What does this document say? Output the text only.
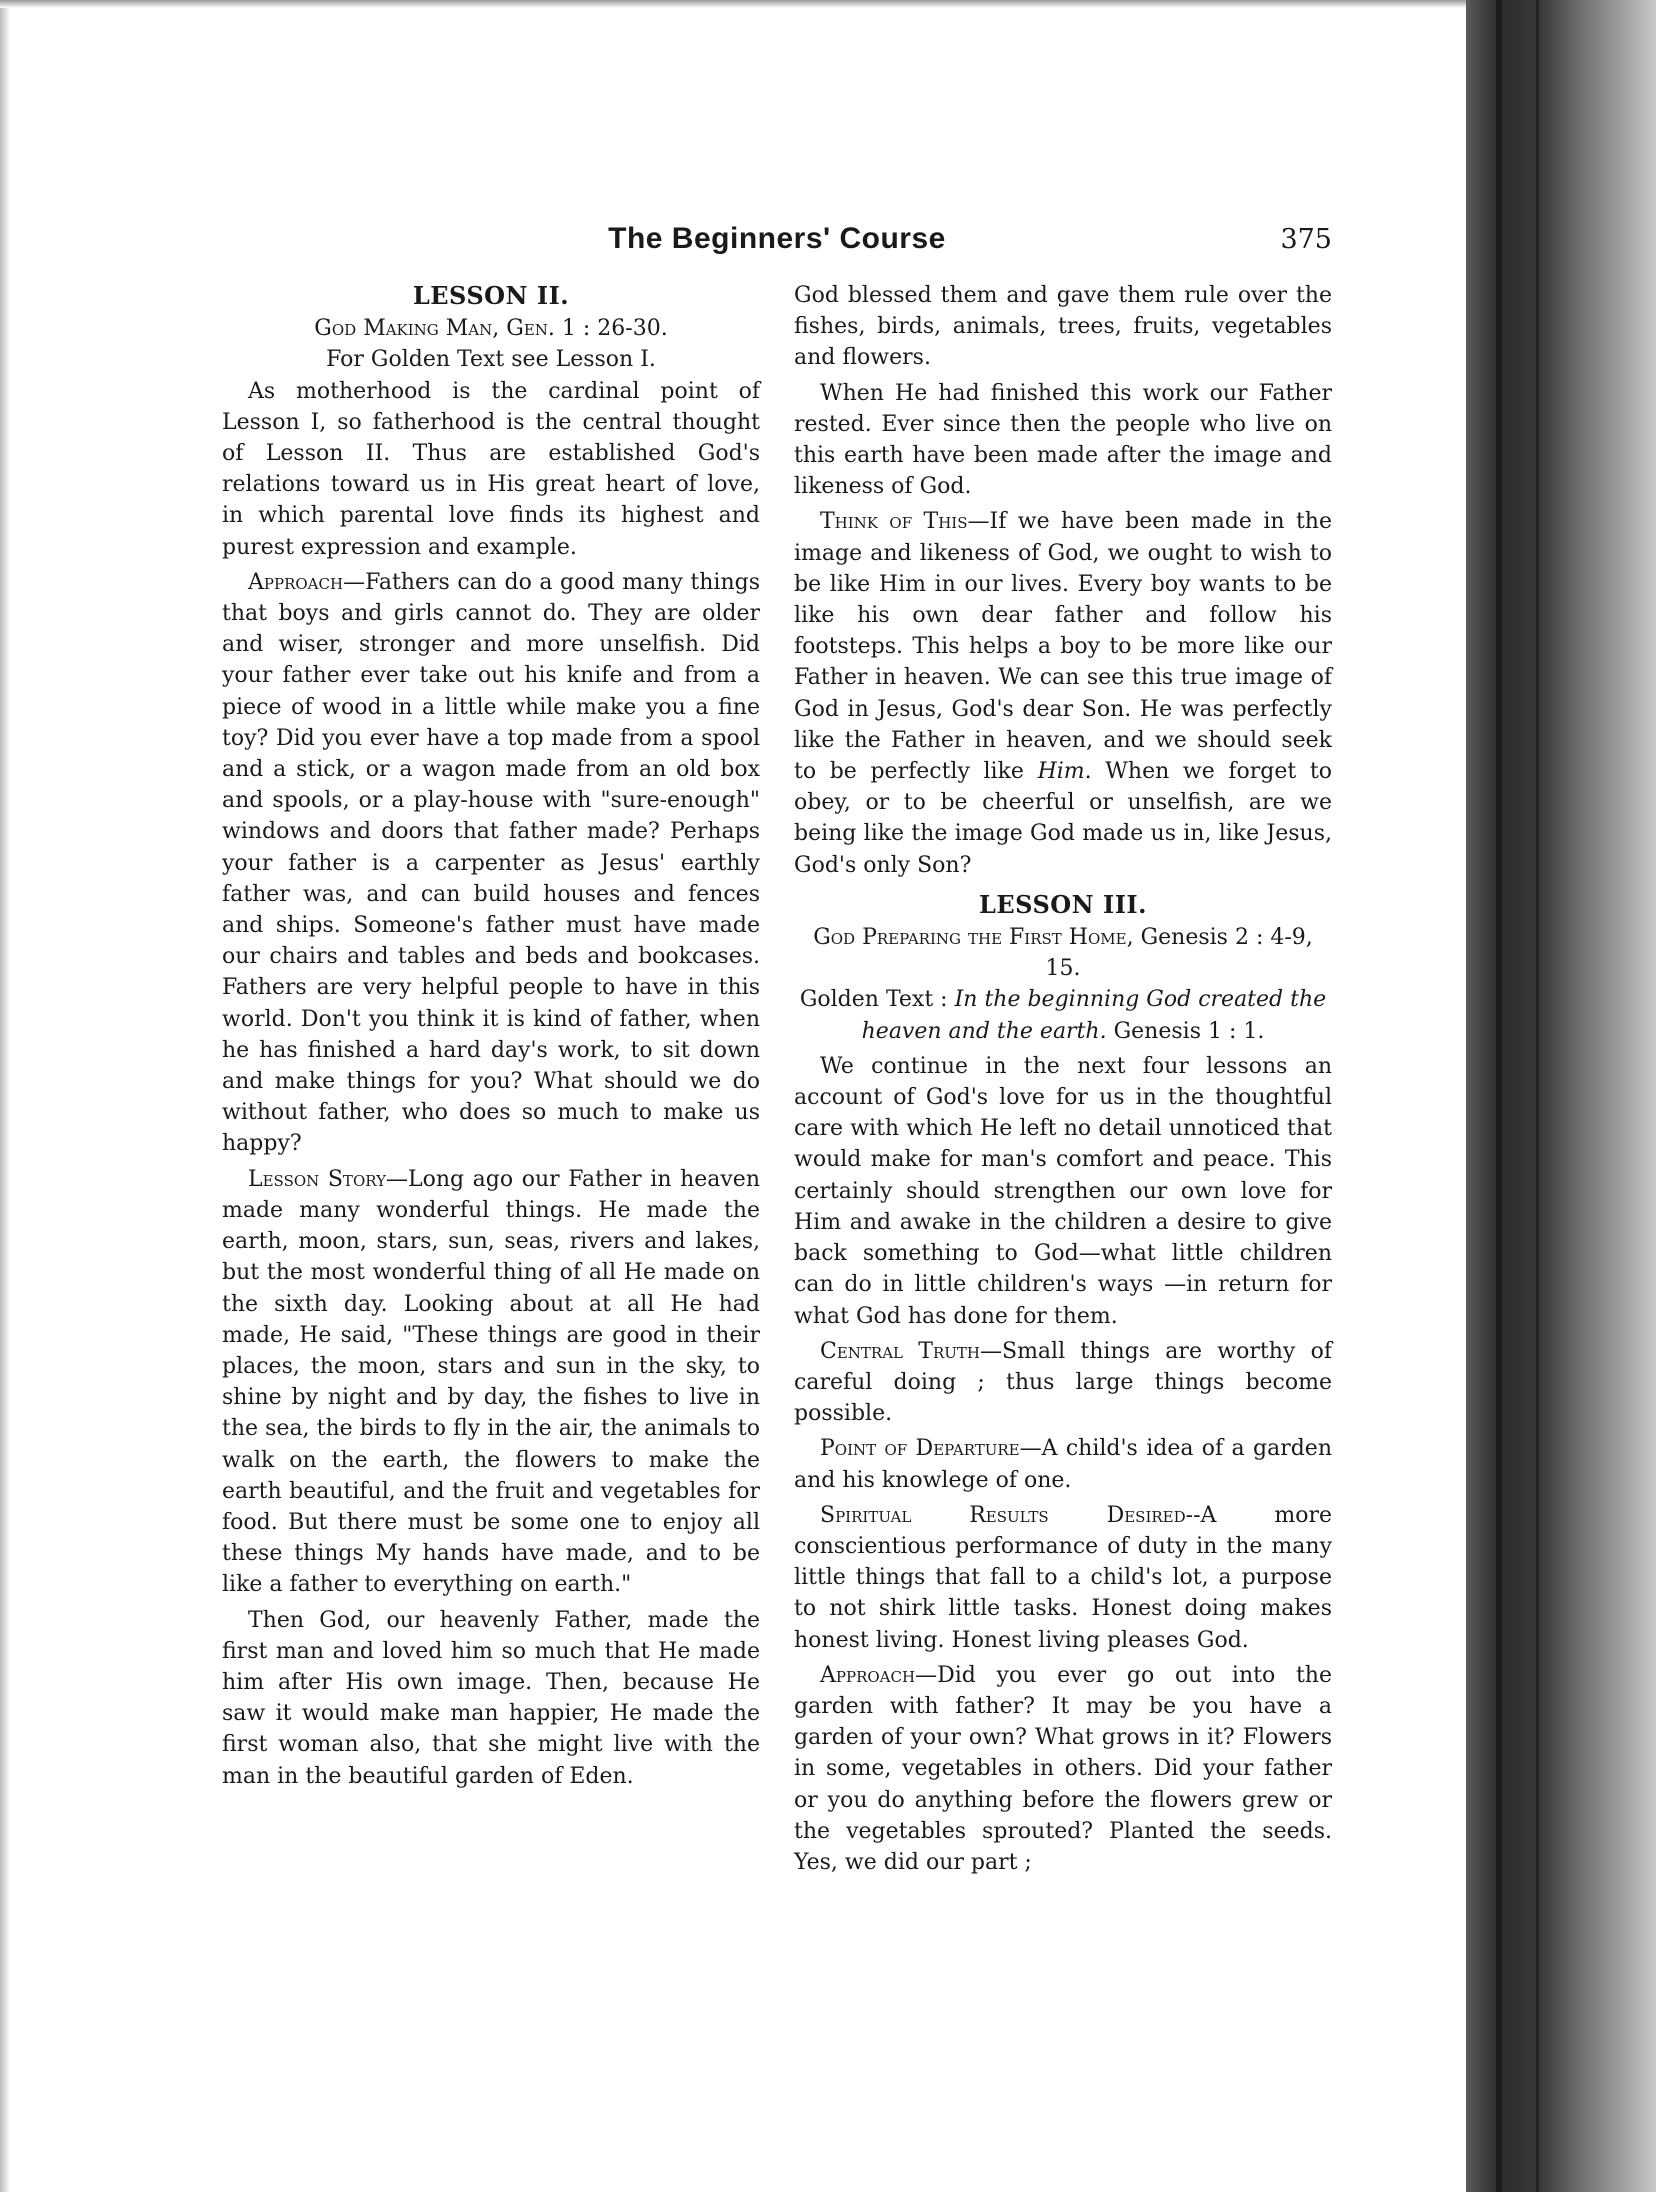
The Beginners' Course	375

LESSON II.

God Making Man, Gen. 1 : 26-30.

For Golden Text see Lesson I.

As motherhood is the cardinal point of Lesson I, so fatherhood is the central thought of Lesson II. Thus are established God's relations toward us in His great heart of love, in which parental love finds its highest and purest expression and example.

Approach—Fathers can do a good many things that boys and girls cannot do. They are older and wiser, stronger and more unselfish. Did your father ever take out his knife and from a piece of wood in a little while make you a fine toy? Did you ever have a top made from a spool and a stick, or a wagon made from an old box and spools, or a play-house with "sure-enough" windows and doors that father made? Perhaps your father is a carpenter as Jesus' earthly father was, and can build houses and fences and ships. Someone's father must have made our chairs and tables and beds and bookcases. Fathers are very helpful people to have in this world. Don't you think it is kind of father, when he has finished a hard day's work, to sit down and make things for you? What should we do without father, who does so much to make us happy?

Lesson Story—Long ago our Father in heaven made many wonderful things. He made the earth, moon, stars, sun, seas, rivers and lakes, but the most wonderful thing of all He made on the sixth day. Looking about at all He had made, He said, "These things are good in their places, the moon, stars and sun in the sky, to shine by night and by day, the fishes to live in the sea, the birds to fly in the air, the animals to walk on the earth, the flowers to make the earth beautiful, and the fruit and vegetables for food. But there must be some one to enjoy all these things My hands have made, and to be like a father to everything on earth."

Then God, our heavenly Father, made the first man and loved him so much that He made him after His own image. Then, because He saw it would make man happier, He made the first woman also, that she might live with the man in the beautiful garden of Eden.

God blessed them and gave them rule over the fishes, birds, animals, trees, fruits, vegetables and flowers.

When He had finished this work our Father rested. Ever since then the people who live on this earth have been made after the image and likeness of God.

Think of This—If we have been made in the image and likeness of God, we ought to wish to be like Him in our lives. Every boy wants to be like his own dear father and follow his footsteps. This helps a boy to be more like our Father in heaven. We can see this true image of God in Jesus, God's dear Son. He was perfectly like the Father in heaven, and we should seek to be perfectly like Him. When we forget to obey, or to be cheerful or unselfish, are we being like the image God made us in, like Jesus, God's only Son?

LESSON III.

God Preparing the First Home, Genesis 2 : 4-9, 15.

Golden Text : In the beginning God created the heaven and the earth. Genesis 1 : 1.

We continue in the next four lessons an account of God's love for us in the thoughtful care with which He left no detail unnoticed that would make for man's comfort and peace. This certainly should strengthen our own love for Him and awake in the children a desire to give back something to God—what little children can do in little children's ways —in return for what God has done for them.

Central Truth—Small things are worthy of careful doing ; thus large things become possible.

Point of Departure—A child's idea of a garden and his knowlege of one.

Spiritual Results Desired--A more conscientious performance of duty in the many little things that fall to a child's lot, a purpose to not shirk little tasks. Honest doing makes honest living. Honest living pleases God.

Approach—Did you ever go out into the garden with father? It may be you have a garden of your own? What grows in it? Flowers in some, vegetables in others. Did your father or you do anything before the flowers grew or the vegetables sprouted? Planted the seeds. Yes, we did our part ;
